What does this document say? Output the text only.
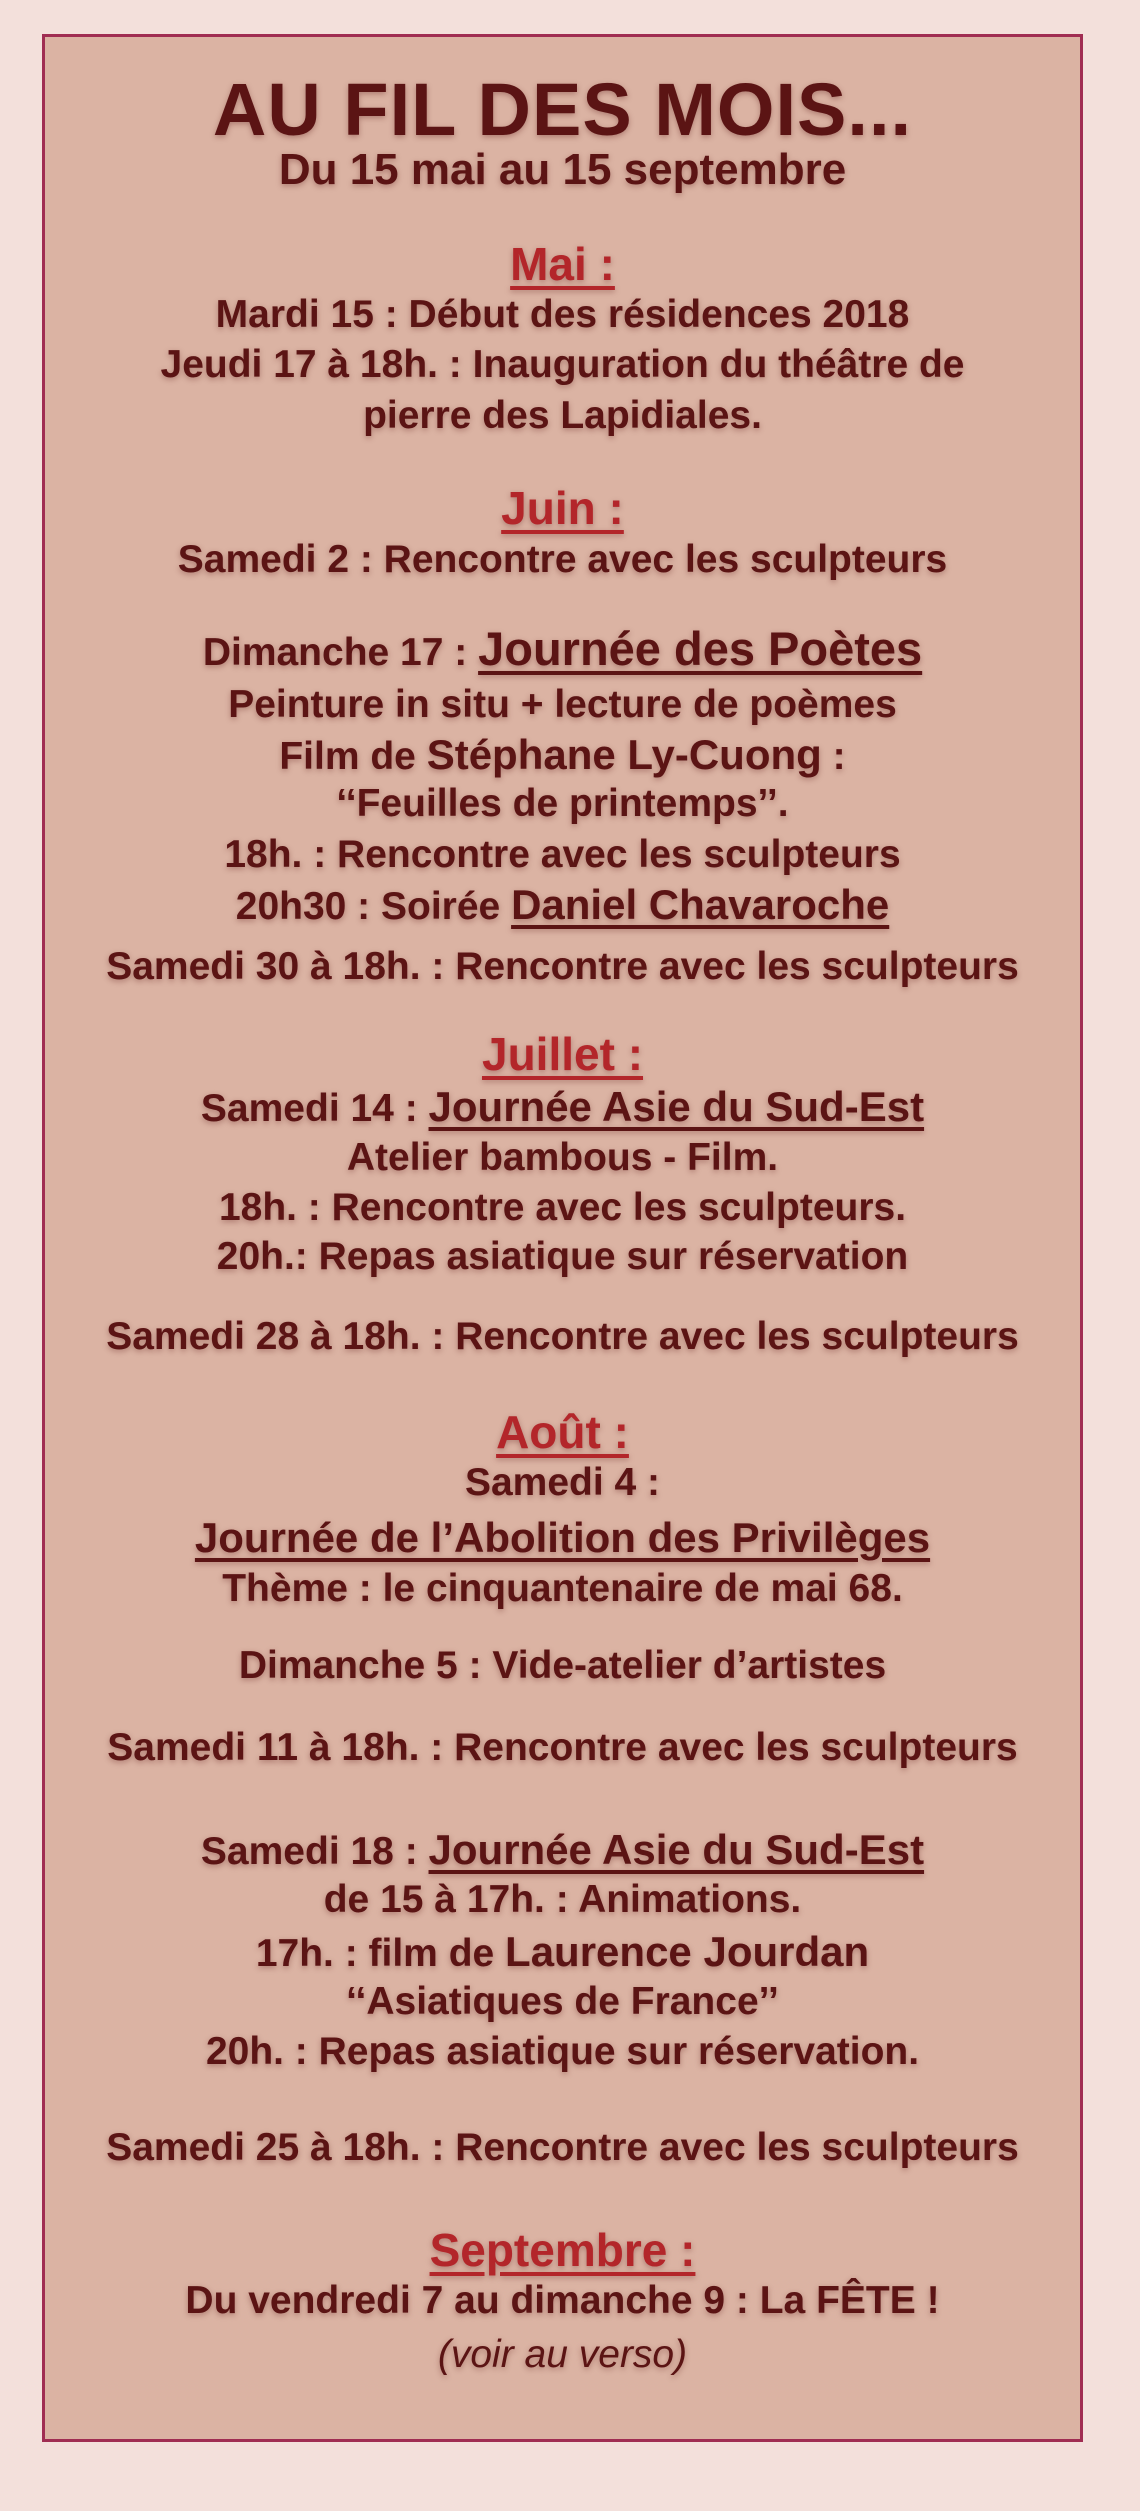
AU FIL DES MOIS...
Du 15 mai au 15 septembre
Mai :
Mardi 15 : Début des résidences 2018
Jeudi 17 à 18h. : Inauguration du théâtre de
pierre des Lapidiales.
Juin :
Samedi 2 : Rencontre avec les sculpteurs
Dimanche 17 : Journée des Poètes
Peinture in situ + lecture de poèmes
Film de Stéphane Ly-Cuong :
‘‘Feuilles de printemps’’.
18h. : Rencontre avec les sculpteurs
20h30 : Soirée Daniel Chavaroche
Samedi 30 à 18h. : Rencontre avec les sculpteurs
Juillet :
Samedi 14 : Journée Asie du Sud-Est
Atelier bambous - Film.
18h. : Rencontre avec les sculpteurs.
20h.: Repas asiatique sur réservation
Samedi 28 à 18h. : Rencontre avec les sculpteurs
Août :
Samedi 4 :
Journée de l’Abolition des Privilèges
Thème : le cinquantenaire de mai 68.
Dimanche 5 : Vide-atelier d’artistes
Samedi 11 à 18h. : Rencontre avec les sculpteurs
Samedi 18 : Journée Asie du Sud-Est
de 15 à 17h. : Animations.
17h. : film de Laurence Jourdan
‘‘Asiatiques de France’’
20h. : Repas asiatique sur réservation.
Samedi 25 à 18h. : Rencontre avec les sculpteurs
Septembre :
Du vendredi 7 au dimanche 9 : La FÊTE !
(voir au verso)
